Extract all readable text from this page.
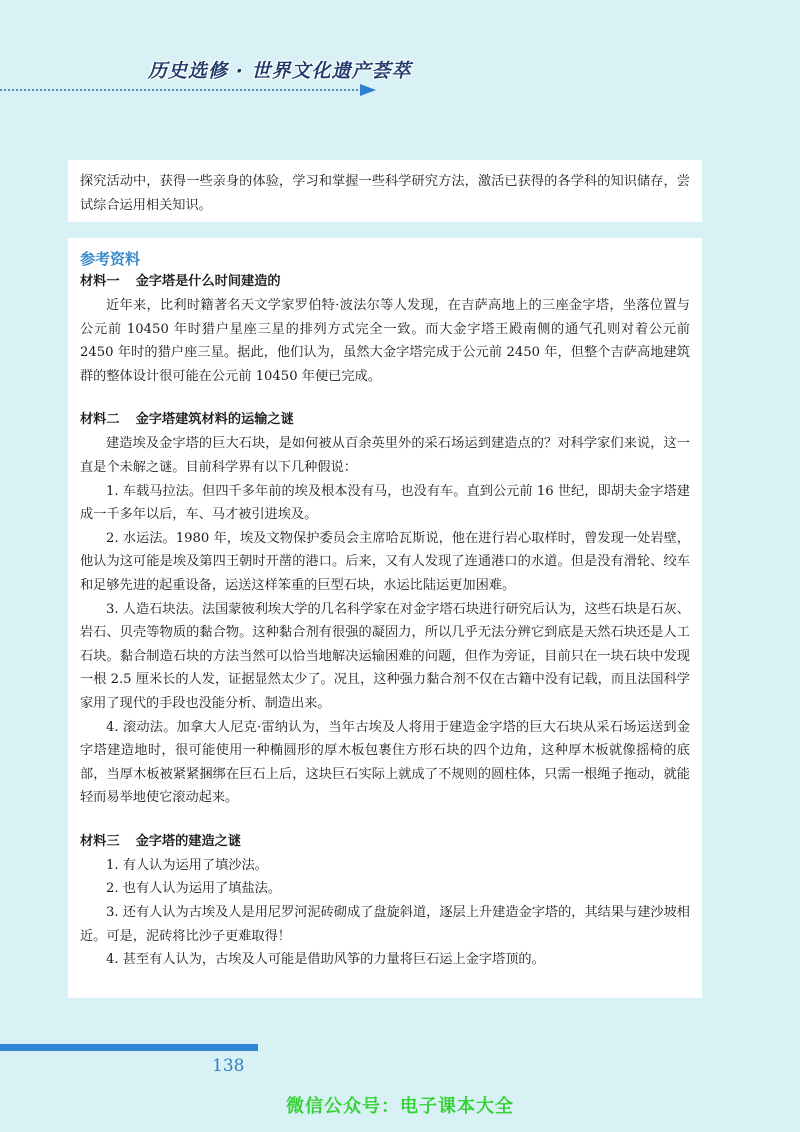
历史选修 · 世界文化遗产荟萃

探究活动中，获得一些亲身的体验，学习和掌握一些科学研究方法，激活已获得的各学科的知识储存，尝试综合运用相关知识。

参考资料

材料一 金字塔是什么时间建造的

近年来，比利时籍著名天文学家罗伯特·波法尔等人发现，在吉萨高地上的三座金字塔，坐落位置与公元前 10450 年时猎户星座三星的排列方式完全一致。而大金字塔王殿南侧的通气孔则对着公元前 2450 年时的猎户座三星。据此，他们认为，虽然大金字塔完成于公元前 2450 年，但整个吉萨高地建筑群的整体设计很可能在公元前 10450 年便已完成。

材料二 金字塔建筑材料的运输之谜

建造埃及金字塔的巨大石块，是如何被从百余英里外的采石场运到建造点的？对科学家们来说，这一直是个未解之谜。目前科学界有以下几种假说：

1. 车载马拉法。但四千多年前的埃及根本没有马，也没有车。直到公元前 16 世纪，即胡夫金字塔建成一千多年以后，车、马才被引进埃及。

2. 水运法。1980 年，埃及文物保护委员会主席哈瓦斯说，他在进行岩心取样时，曾发现一处岩壁，他认为这可能是埃及第四王朝时开凿的港口。后来，又有人发现了连通港口的水道。但是没有滑轮、绞车和足够先进的起重设备，运送这样笨重的巨型石块，水运比陆运更加困难。

3. 人造石块法。法国蒙彼利埃大学的几名科学家在对金字塔石块进行研究后认为，这些石块是石灰、岩石、贝壳等物质的黏合物。这种黏合剂有很强的凝固力，所以几乎无法分辨它到底是天然石块还是人工石块。黏合制造石块的方法当然可以恰当地解决运输困难的问题，但作为旁证，目前只在一块石块中发现一根 2.5 厘米长的人发，证据显然太少了。况且，这种强力黏合剂不仅在古籍中没有记载，而且法国科学家用了现代的手段也没能分析、制造出来。

4. 滚动法。加拿大人尼克·雷纳认为，当年古埃及人将用于建造金字塔的巨大石块从采石场运送到金字塔建造地时，很可能使用一种椭圆形的厚木板包裹住方形石块的四个边角，这种厚木板就像摇椅的底部，当厚木板被紧紧捆绑在巨石上后，这块巨石实际上就成了不规则的圆柱体，只需一根绳子拖动，就能轻而易举地使它滚动起来。

材料三 金字塔的建造之谜

1. 有人认为运用了填沙法。

2. 也有人认为运用了填盐法。

3. 还有人认为古埃及人是用尼罗河泥砖砌成了盘旋斜道，逐层上升建造金字塔的，其结果与建沙坡相近。可是，泥砖将比沙子更难取得！

4. 甚至有人认为，古埃及人可能是借助风筝的力量将巨石运上金字塔顶的。

138
微信公众号：电子课本大全
